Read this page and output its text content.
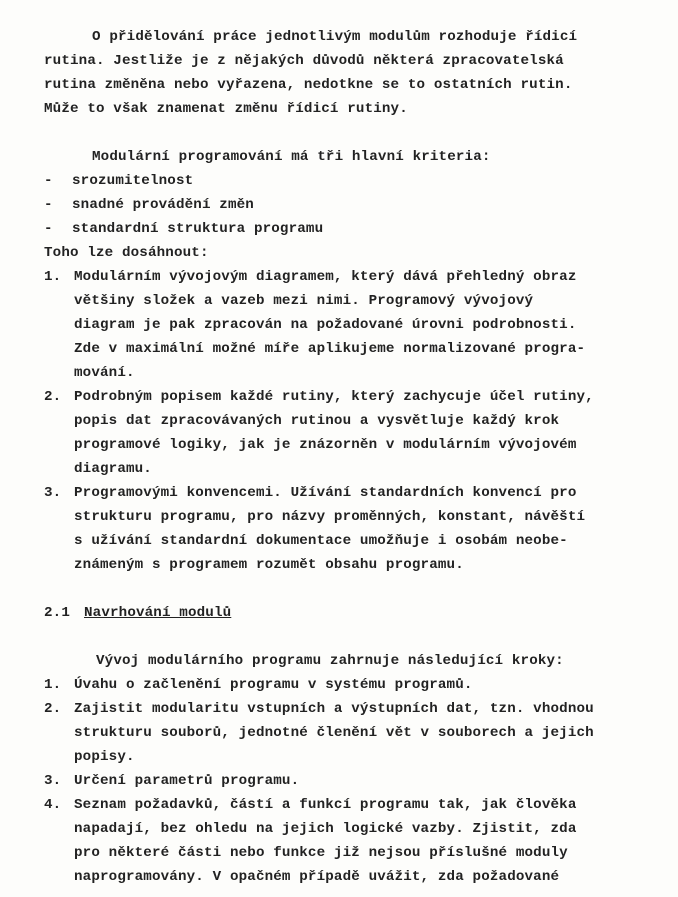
O přidělování práce jednotlivým modulům rozhoduje řídicí
rutina. Jestliže je z nějakých důvodů některá zpracovatelská
rutina změněna nebo vyřazena, nedotkne se to ostatních rutin.
Může to však znamenat změnu řídicí rutiny.
Modulární programování má tři hlavní kriteria:
- srozumitelnost
- snadné provádění změn
- standardní struktura programu
Toho lze dosáhnout:
1. Modulárním vývojovým diagramem, který dává přehledný obraz
většiny složek a vazeb mezi nimi. Programový vývojový
diagram je pak zpracován na požadované úrovni podrobnosti.
Zde v maximální možné míře aplikujeme normalizované progra-
mování.
2. Podrobným popisem každé rutiny, který zachycuje účel rutiny,
popis dat zpracovávaných rutinou a vysvětluje každý krok
programové logiky, jak je znázorněn v modulárním vývojovém
diagramu.
3. Programovými konvencemi. Užívání standardních konvencí pro
strukturu programu, pro názvy proměnných, konstant, návěští
s užívání standardní dokumentace umožňuje i osobám neobe-
známeným s programem rozumět obsahu programu.
2.1 Navrhování modulů
Vývoj modulárního programu zahrnuje následující kroky:
1. Úvahu o začlenění programu v systému programů.
2. Zajistit modularitu vstupních a výstupních dat, tzn. vhodnou
strukturu souborů, jednotné členění vět v souborech a jejich
popisy.
3. Určení parametrů programu.
4. Seznam požadavků, částí a funkcí programu tak, jak člověka
napadají, bez ohledu na jejich logické vazby. Zjistit, zda
pro některé části nebo funkce již nejsou příslušné moduly
naprogramovány. V opačném případě uvážit, zda požadované
